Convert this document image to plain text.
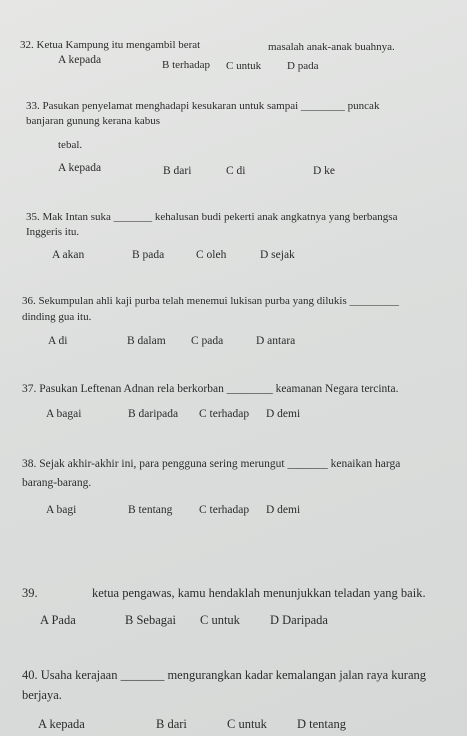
32. Ketua Kampung itu mengambil berat	masalah anak-anak buahnya.
A kepada	B terhadap C untuk D pada
33. Pasukan penyelamat menghadapi kesukaran untuk sampai ________ puncak
banjaran gunung kerana kabus
tebal.
A kepada	B dari	C di	D ke
35. Mak Intan suka _______ kehalusan budi pekerti anak angkatnya yang berbangsa
Inggeris itu.
A akan	B pada	C oleh	D sejak
36. Sekumpulan ahli kaji purba telah menemui lukisan purba yang dilukis _________
dinding gua itu.
A di	B dalam C pada	D antara
37. Pasukan Leftenan Adnan rela berkorban ________ keamanan Negara tercinta.
A bagai	B daripada C terhadap D demi
38. Sejak akhir-akhir ini, para pengguna sering merungut _______ kenaikan harga
barang-barang.
A bagi	B tentang C terhadap D demi
39.	ketua pengawas, kamu hendaklah menunjukkan teladan yang baik.
A Pada	B Sebagai C untuk D Daripada
40. Usaha kerajaan _______ mengurangkan kadar kemalangan jalan raya kurang
berjaya.
A kepada	B dari	C untuk D tentang
